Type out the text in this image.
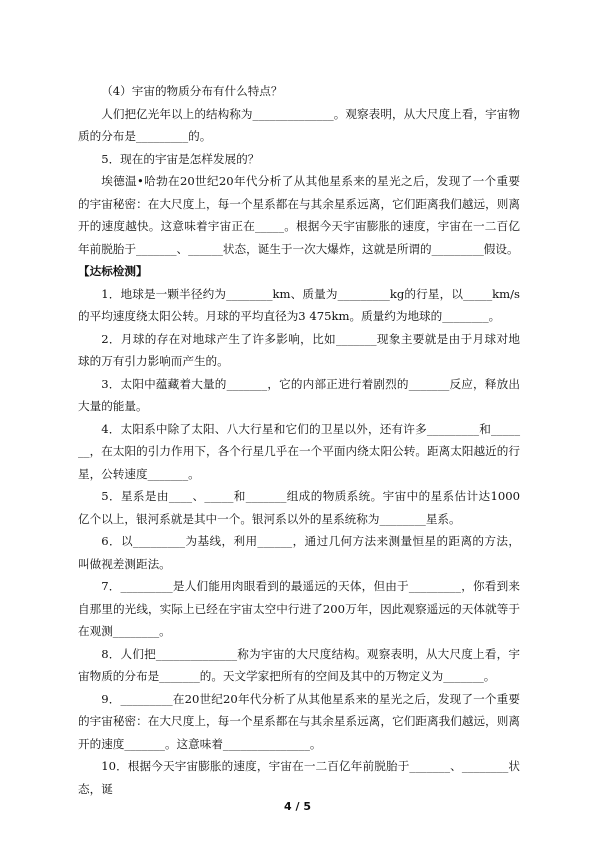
（4）宇宙的物质分布有什么特点？

人们把亿光年以上的结构称为______________。观察表明，从大尺度上看，宇宙物质的分布是_________的。

5．现在的宇宙是怎样发展的？

埃德温•哈勃在20世纪20年代分析了从其他星系来的星光之后，发现了一个重要的宇宙秘密：在大尺度上，每一个星系都在与其余星系远离，它们距离我们越远，则离开的速度越快。这意味着宇宙正在_____。根据今天宇宙膨胀的速度，宇宙在一二百亿年前脱胎于_______、______状态，诞生于一次大爆炸，这就是所谓的_________假设。

【达标检测】

1．地球是一颗半径约为________km、质量为_________kg的行星，以_____km/s的平均速度绕太阳公转。月球的平均直径为3 475km。质量约为地球的________。

2．月球的存在对地球产生了许多影响，比如_______现象主要就是由于月球对地球的万有引力影响而产生的。

3．太阳中蕴藏着大量的_______，它的内部正进行着剧烈的_______反应，释放出大量的能量。

4．太阳系中除了太阳、八大行星和它们的卫星以外，还有许多_________和_______，在太阳的引力作用下，各个行星几乎在一个平面内绕太阳公转。距离太阳越近的行星，公转速度_______。

5．星系是由____、_____和_______组成的物质系统。宇宙中的星系估计达1000亿个以上，银河系就是其中一个。银河系以外的星系统称为________星系。

6．以_________为基线，利用______，通过几何方法来测量恒星的距离的方法，叫做视差测距法。

7．_________是人们能用肉眼看到的最遥远的天体，但由于_________，你看到来自那里的光线，实际上已经在宇宙太空中行进了200万年，因此观察遥远的天体就等于在观测________。

8．人们把______________称为宇宙的大尺度结构。观察表明，从大尺度上看，宇宙物质的分布是_______的。天文学家把所有的空间及其中的万物定义为_______。

9．_________在20世纪20年代分析了从其他星系来的星光之后，发现了一个重要的宇宙秘密：在大尺度上，每一个星系都在与其余星系远离，它们距离我们越远，则离开的速度_______。这意味着_______________。

10．根据今天宇宙膨胀的速度，宇宙在一二百亿年前脱胎于_______、________状态，诞

4 / 5
